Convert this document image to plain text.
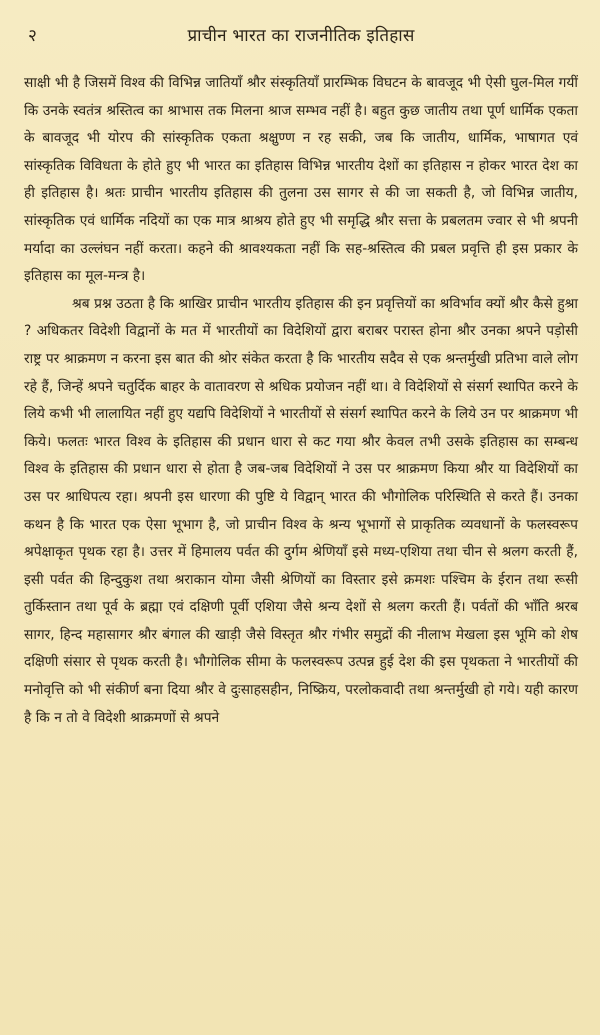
२	प्राचीन भारत का राजनीतिक इतिहास

साक्षी भी है जिसमें विश्व की विभिन्न जातियाँ श्रौर संस्कृतियाँ प्रारम्भिक विघटन के बावजूद भी ऐसी घुल-मिल गयीं कि उनके स्वतंत्र श्रस्तित्व का श्राभास तक मिलना श्राज सम्भव नहीं है। बहुत कुछ जातीय तथा पूर्ण धार्मिक एकता के बावजूद भी योरप की सांस्कृतिक एकता श्रक्षुण्ण न रह सकी, जब कि जातीय, धार्मिक, भाषागत एवं सांस्कृतिक विविधता के होते हुए भी भारत का इतिहास विभिन्न भारतीय देशों का इतिहास न होकर भारत देश का ही इतिहास है। श्रतः प्राचीन भारतीय इतिहास की तुलना उस सागर से की जा सकती है, जो विभिन्न जातीय, सांस्कृतिक एवं धार्मिक नदियों का एक मात्र श्राश्रय होते हुए भी समृद्धि श्रौर सत्ता के प्रबलतम ज्वार से भी श्रपनी मर्यादा का उल्लंघन नहीं करता। कहने की श्रावश्यकता नहीं कि सह-श्रस्तित्व की प्रबल प्रवृत्ति ही इस प्रकार के इतिहास का मूल-मन्त्र है।

श्रब प्रश्न उठता है कि श्राखिर प्राचीन भारतीय इतिहास की इन प्रवृत्तियों का श्रविर्भाव क्यों श्रौर कैसे हुश्रा ? अधिकतर विदेशी विद्वानों के मत में भारतीयों का विदेशियों द्वारा बराबर परास्त होना श्रौर उनका श्रपने पड़ोसी राष्ट्र पर श्राक्रमण न करना इस बात की श्रोर संकेत करता है कि भारतीय सदैव से एक श्रन्तर्मुखी प्रतिभा वाले लोग रहे हैं, जिन्हें श्रपने चतुर्दिक बाहर के वातावरण से श्रधिक प्रयोजन नहीं था। वे विदेशियों से संसर्ग स्थापित करने के लिये कभी भी लालायित नहीं हुए यद्यपि विदेशियों ने भारतीयों से संसर्ग स्थापित करने के लिये उन पर श्राक्रमण भी किये। फलतः भारत विश्व के इतिहास की प्रधान धारा से कट गया श्रौर केवल तभी उसके इतिहास का सम्बन्ध विश्व के इतिहास की प्रधान धारा से होता है जब-जब विदेशियों ने उस पर श्राक्रमण किया श्रौर या विदेशियों का उस पर श्राधिपत्य रहा। श्रपनी इस धारणा की पुष्टि ये विद्वान् भारत की भौगोलिक परिस्थिति से करते हैं। उनका कथन है कि भारत एक ऐसा भूभाग है, जो प्राचीन विश्व के श्रन्य भूभागों से प्राकृतिक व्यवधानों के फलस्वरूप श्रपेक्षाकृत पृथक रहा है। उत्तर में हिमालय पर्वत की दुर्गम श्रेणियाँ इसे मध्य-एशिया तथा चीन से श्रलग करती हैं, इसी पर्वत की हिन्दुकुश तथा श्रराकान योमा जैसी श्रेणियों का विस्तार इसे क्रमशः पश्चिम के ईरान तथा रूसी तुर्किस्तान तथा पूर्व के ब्रह्मा एवं दक्षिणी पूर्वी एशिया जैसे श्रन्य देशों से श्रलग करती हैं। पर्वतों की भाँति श्ररब सागर, हिन्द महासागर श्रौर बंगाल की खाड़ी जैसे विस्तृत श्रौर गंभीर समुद्रों की नीलाभ मेखला इस भूमि को शेष दक्षिणी संसार से पृथक करती है। भौगोलिक सीमा के फलस्वरूप उत्पन्न हुई देश की इस पृथकता ने भारतीयों की मनोवृत्ति को भी संकीर्ण बना दिया श्रौर वे दुःसाहसहीन, निष्क्रिय, परलोकवादी तथा श्रन्तर्मुखी हो गये। यही कारण है कि न तो वे विदेशी श्राक्रमणों से श्रपने
